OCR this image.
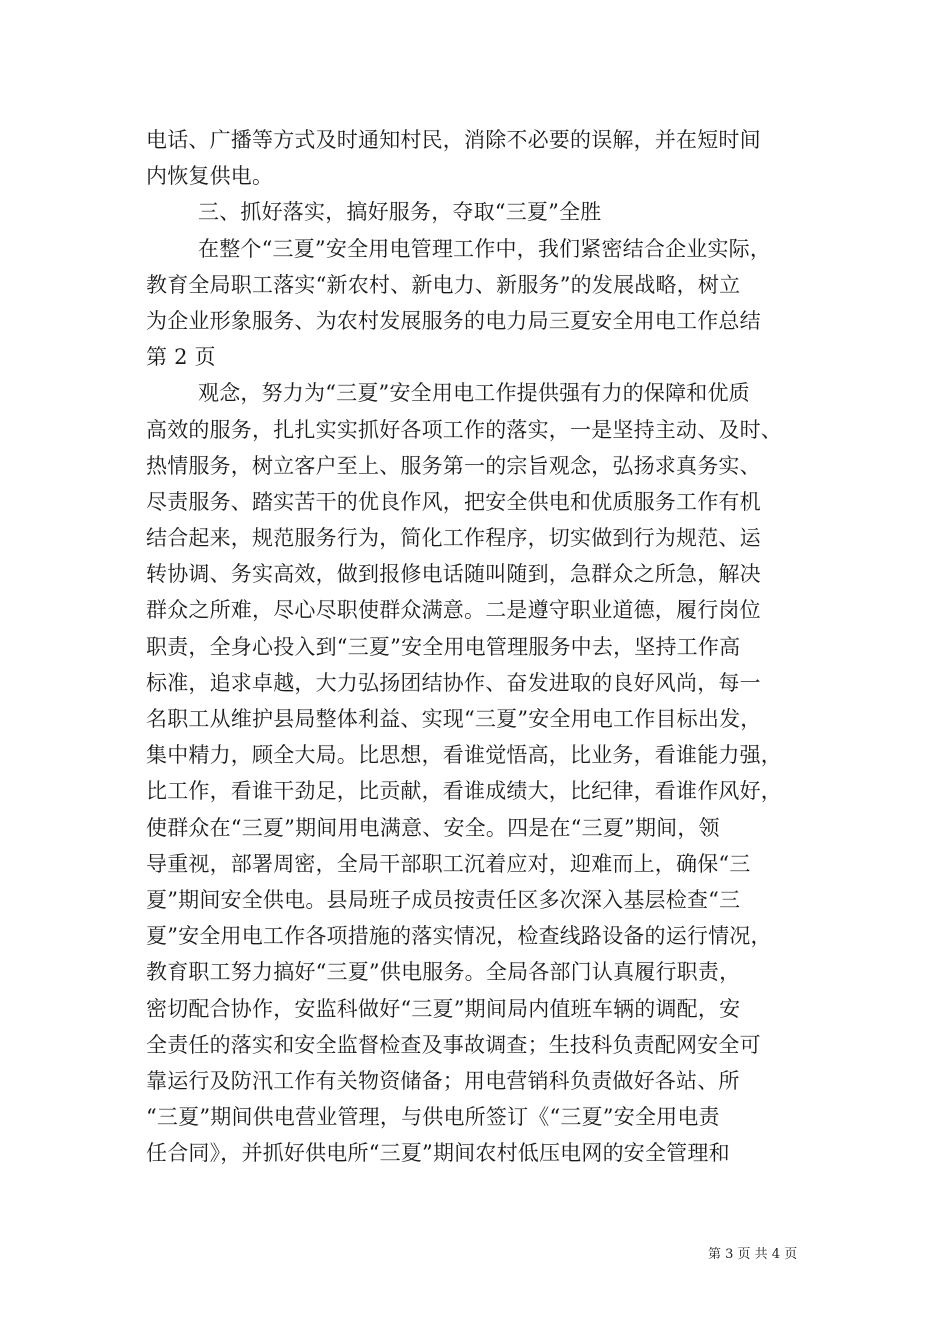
电话、广播等方式及时通知村民，消除不必要的误解，并在短时间
内恢复供电。
三、抓好落实，搞好服务，夺取“三夏”全胜
在整个“三夏”安全用电管理工作中，我们紧密结合企业实际，
教育全局职工落实“新农村、新电力、新服务”的发展战略，树立
为企业形象服务、为农村发展服务的电力局三夏安全用电工作总结
第 2 页
观念，努力为“三夏”安全用电工作提供强有力的保障和优质
高效的服务，扎扎实实抓好各项工作的落实，一是坚持主动、及时、
热情服务，树立客户至上、服务第一的宗旨观念，弘扬求真务实、
尽责服务、踏实苦干的优良作风，把安全供电和优质服务工作有机
结合起来，规范服务行为，简化工作程序，切实做到行为规范、运
转协调、务实高效，做到报修电话随叫随到，急群众之所急，解决
群众之所难，尽心尽职使群众满意。二是遵守职业道德，履行岗位
职责，全身心投入到“三夏”安全用电管理服务中去，坚持工作高
标准，追求卓越，大力弘扬团结协作、奋发进取的良好风尚，每一
名职工从维护县局整体利益、实现“三夏”安全用电工作目标出发，
集中精力，顾全大局。比思想，看谁觉悟高，比业务，看谁能力强，
比工作，看谁干劲足，比贡献，看谁成绩大，比纪律，看谁作风好，
使群众在“三夏”期间用电满意、安全。四是在“三夏”期间，领
导重视，部署周密，全局干部职工沉着应对，迎难而上，确保“三
夏”期间安全供电。县局班子成员按责任区多次深入基层检查“三
夏”安全用电工作各项措施的落实情况，检查线路设备的运行情况，
教育职工努力搞好“三夏”供电服务。全局各部门认真履行职责，
密切配合协作，安监科做好“三夏”期间局内值班车辆的调配，安
全责任的落实和安全监督检查及事故调查；生技科负责配网安全可
靠运行及防汛工作有关物资储备；用电营销科负责做好各站、所
“三夏”期间供电营业管理，与供电所签订《“三夏”安全用电责
任合同》，并抓好供电所“三夏”期间农村低压电网的安全管理和
第 3 页 共 4 页
